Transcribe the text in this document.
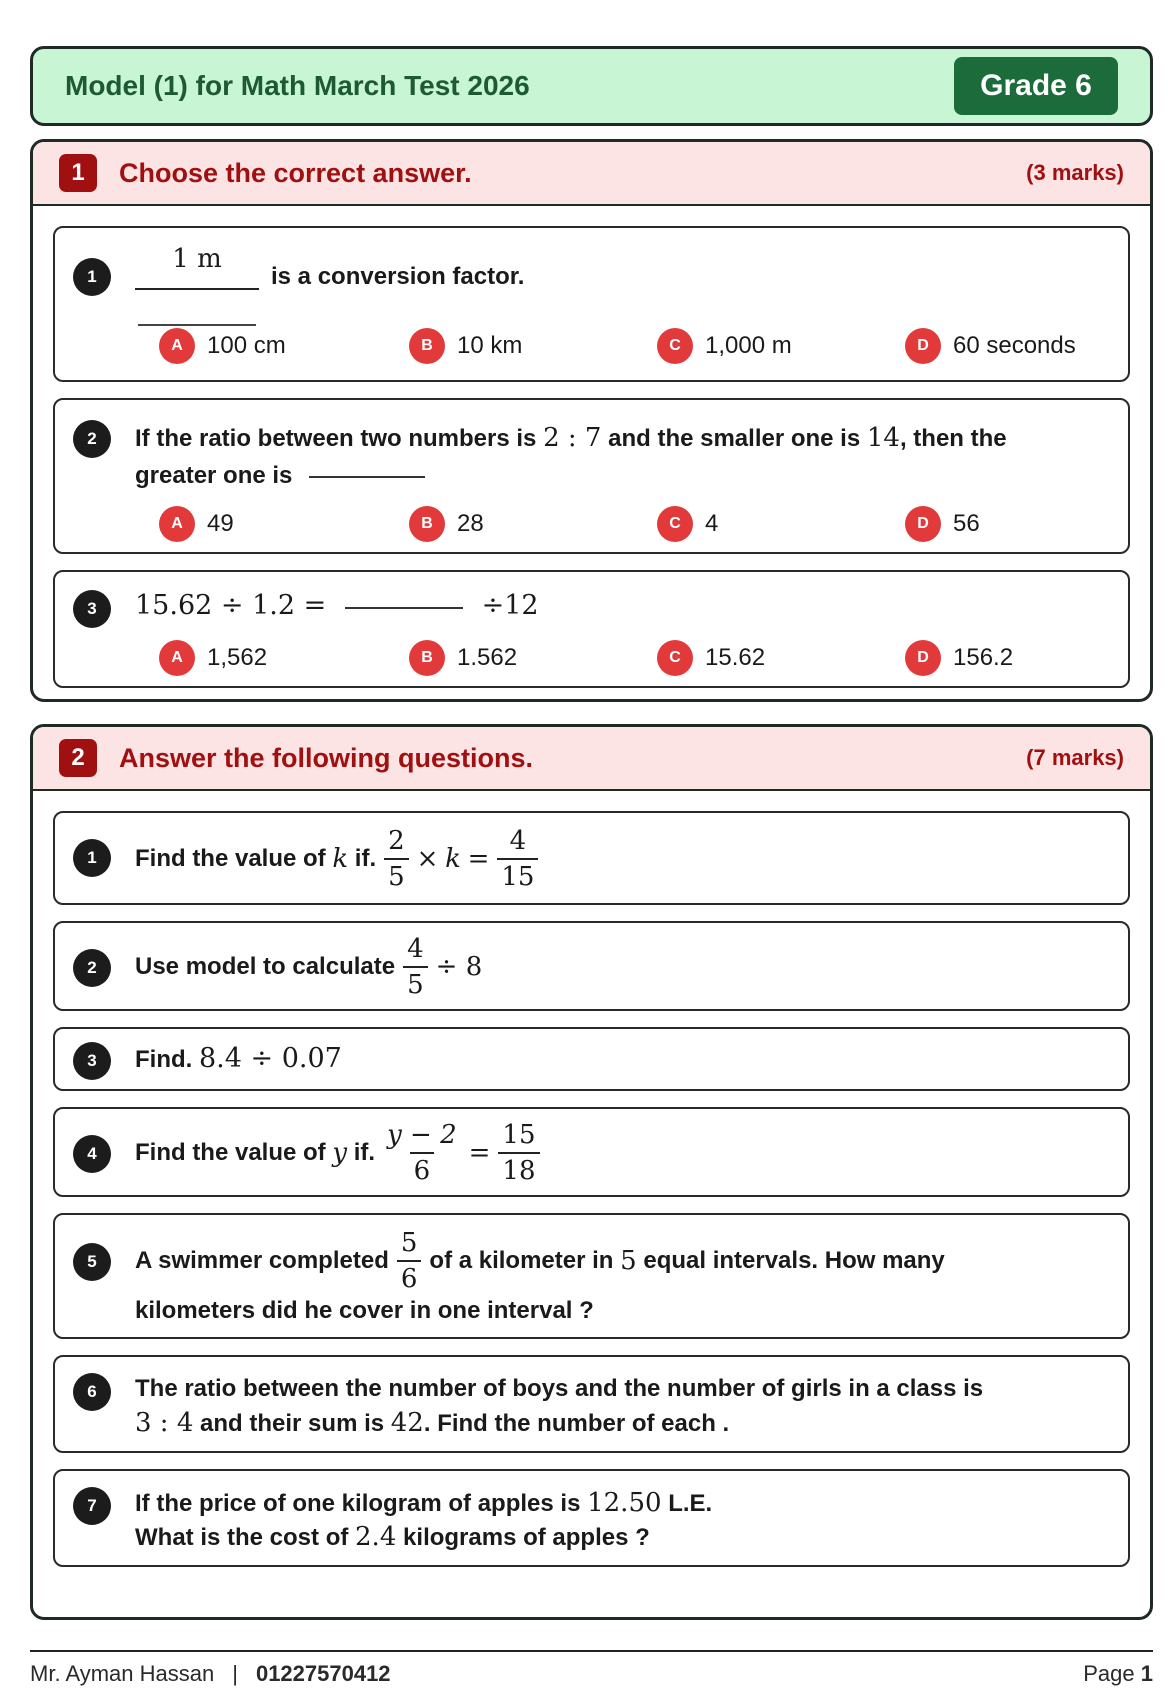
Model (1) for Math March Test 2026	Grade 6
1	Choose the correct answer.	(3 marks)
1
1 m
is a conversion factor.
A	100 cm	B	10 km	C	1,000 m	D	60 seconds
2	If the ratio between two numbers is 2 : 7 and the smaller one is 14, then the
greater one is
A	49	B	28	C	4	D	56
3	15.62 ÷ 1.2 =	÷12
A	1,562	B	1.562	C	15.62	D	156.2
2	Answer the following questions.	(7 marks)
1	Find the value of
k
if. $\frac{2}{5}$ ×
k
= $\frac{4}{15}$
2	Use model to calculate $\frac{4}{5} \div 8$
3	Find. 8.4 ÷ 0.07
4	Find the value of
y
if. $\frac{y - 2}{6} = \frac{15}{18}$
5	A swimmer completed $\frac{5}{6}$ of a kilometer in
5
equal intervals. How many
kilometers did he cover in one interval ?
6	The ratio between the number of boys and the number of girls in a class is
3 : 4 and their sum is 42. Find the number of each .
7	If the price of one kilogram of apples is 12.50 L.E.
What is the cost of 2.4 kilograms of apples ?
Mr. Ayman Hassan | 01227570412	Page 1
